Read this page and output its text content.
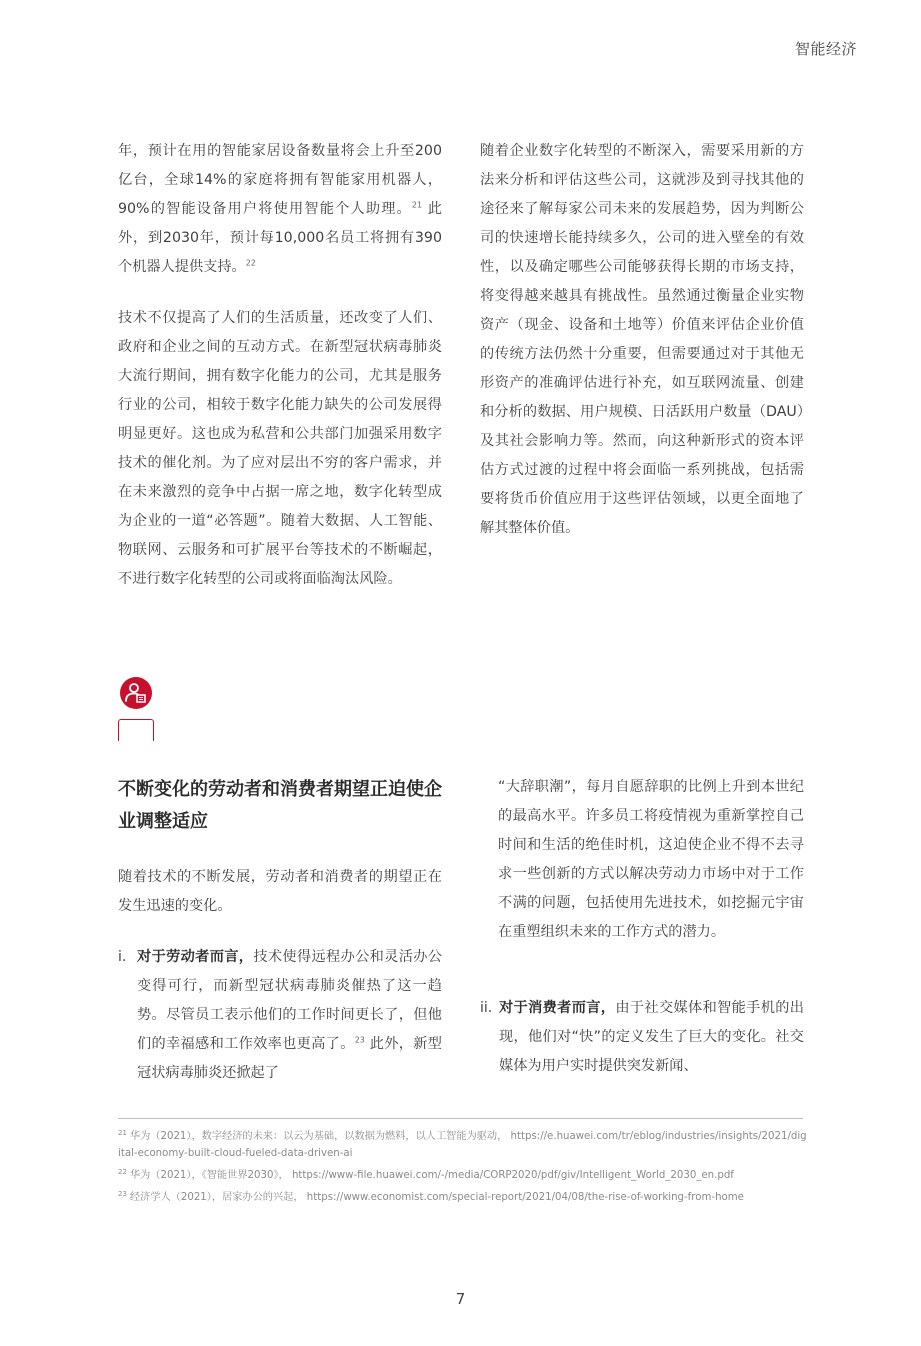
智能经济

年，预计在用的智能家居设备数量将会上升至200亿台，全球14%的家庭将拥有智能家用机器人，90%的智能设备用户将使用智能个人助理。$^{21}$ 此外，到2030年，预计每10,000名员工将拥有390个机器人提供支持。$^{22}$

技术不仅提高了人们的生活质量，还改变了人们、政府和企业之间的互动方式。在新型冠状病毒肺炎大流行期间，拥有数字化能力的公司，尤其是服务行业的公司，相较于数字化能力缺失的公司发展得明显更好。这也成为私营和公共部门加强采用数字技术的催化剂。为了应对层出不穷的客户需求，并在未来激烈的竞争中占据一席之地，数字化转型成为企业的一道“必答题”。随着大数据、人工智能、物联网、云服务和可扩展平台等技术的不断崛起，不进行数字化转型的公司或将面临淘汰风险。

随着企业数字化转型的不断深入，需要采用新的方法来分析和评估这些公司，这就涉及到寻找其他的途径来了解每家公司未来的发展趋势，因为判断公司的快速增长能持续多久，公司的进入壁垒的有效性，以及确定哪些公司能够获得长期的市场支持，将变得越来越具有挑战性。虽然通过衡量企业实物资产（现金、设备和土地等）价值来评估企业价值的传统方法仍然十分重要，但需要通过对于其他无形资产的准确评估进行补充，如互联网流量、创建和分析的数据、用户规模、日活跃用户数量（DAU）及其社会影响力等。然而，向这种新形式的资本评估方式过渡的过程中将会面临一系列挑战，包括需要将货币价值应用于这些评估领域，以更全面地了解其整体价值。

不断变化的劳动者和消费者期望正迫使企业调整适应

随着技术的不断发展，劳动者和消费者的期望正在发生迅速的变化。

i. 对于劳动者而言，技术使得远程办公和灵活办公变得可行，而新型冠状病毒肺炎催热了这一趋势。尽管员工表示他们的工作时间更长了，但他们的幸福感和工作效率也更高了。$^{23}$ 此外，新型冠状病毒肺炎还掀起了

“大辞职潮”，每月自愿辞职的比例上升到本世纪的最高水平。许多员工将疫情视为重新掌控自己时间和生活的绝佳时机，这迫使企业不得不去寻求一些创新的方式以解决劳动力市场中对于工作不满的问题，包括使用先进技术，如挖掘元宇宙在重塑组织未来的工作方式的潜力。

ii. 对于消费者而言，由于社交媒体和智能手机的出现，他们对“快”的定义发生了巨大的变化。社交媒体为用户实时提供突发新闻、

$^{21}$ 华为（2021），数字经济的未来：以云为基础，以数据为燃料，以人工智能为驱动， https://e.huawei.com/tr/eblog/industries/insights/2021/digital-economy-built-cloud-fueled-data-driven-ai

$^{22}$ 华为（2021），《智能世界2030》， https://www-file.huawei.com/-/media/CORP2020/pdf/giv/Intelligent_World_2030_en.pdf

$^{23}$ 经济学人（2021），居家办公的兴起， https://www.economist.com/special-report/2021/04/08/the-rise-of-working-from-home

7
